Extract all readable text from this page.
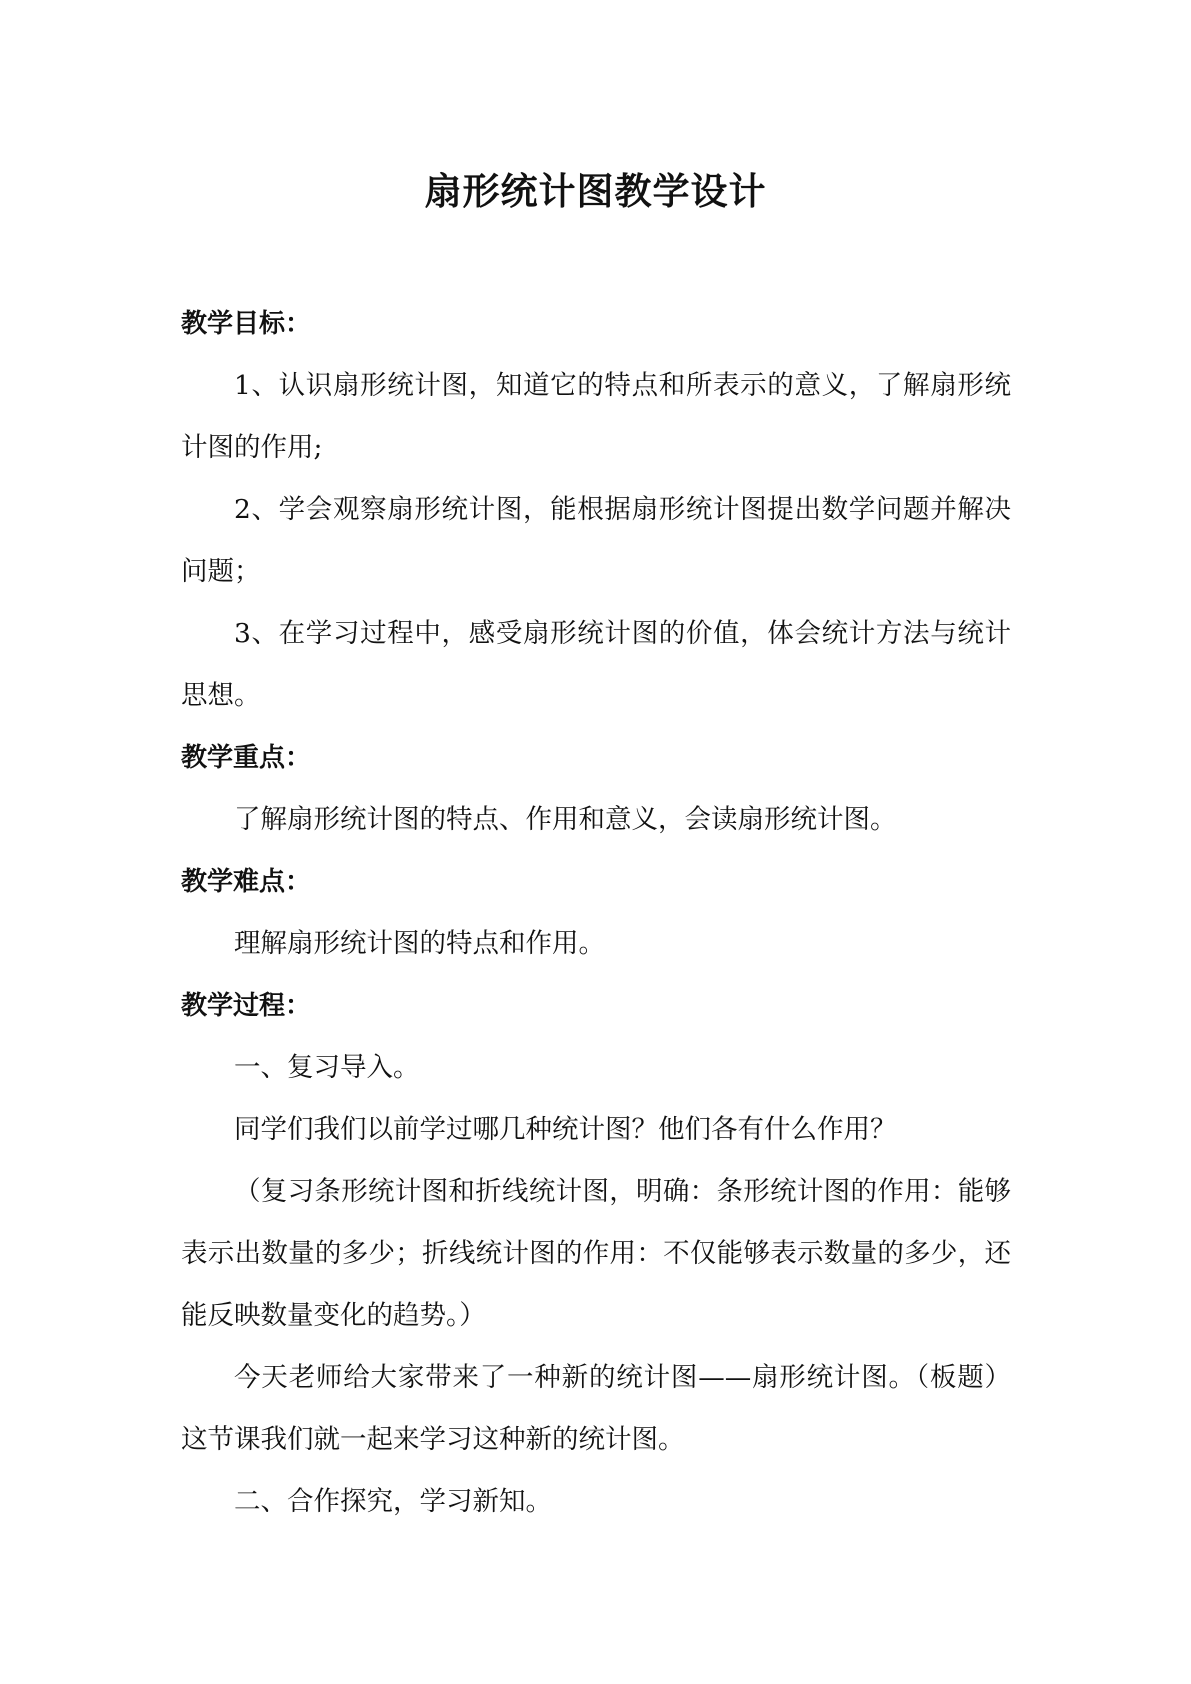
扇形统计图教学设计
教学目标：

1、认识扇形统计图，知道它的特点和所表示的意义，了解扇形统计图的作用;

2、学会观察扇形统计图，能根据扇形统计图提出数学问题并解决问题；

3、在学习过程中，感受扇形统计图的价值，体会统计方法与统计思想。

教学重点：

了解扇形统计图的特点、作用和意义，会读扇形统计图。

教学难点：

理解扇形统计图的特点和作用。

教学过程：

一、复习导入。

同学们我们以前学过哪几种统计图？他们各有什么作用？

（复习条形统计图和折线统计图，明确：条形统计图的作用：能够表示出数量的多少；折线统计图的作用：不仅能够表示数量的多少，还能反映数量变化的趋势。）

今天老师给大家带来了一种新的统计图——扇形统计图。（板题）这节课我们就一起来学习这种新的统计图。

二、合作探究，学习新知。
